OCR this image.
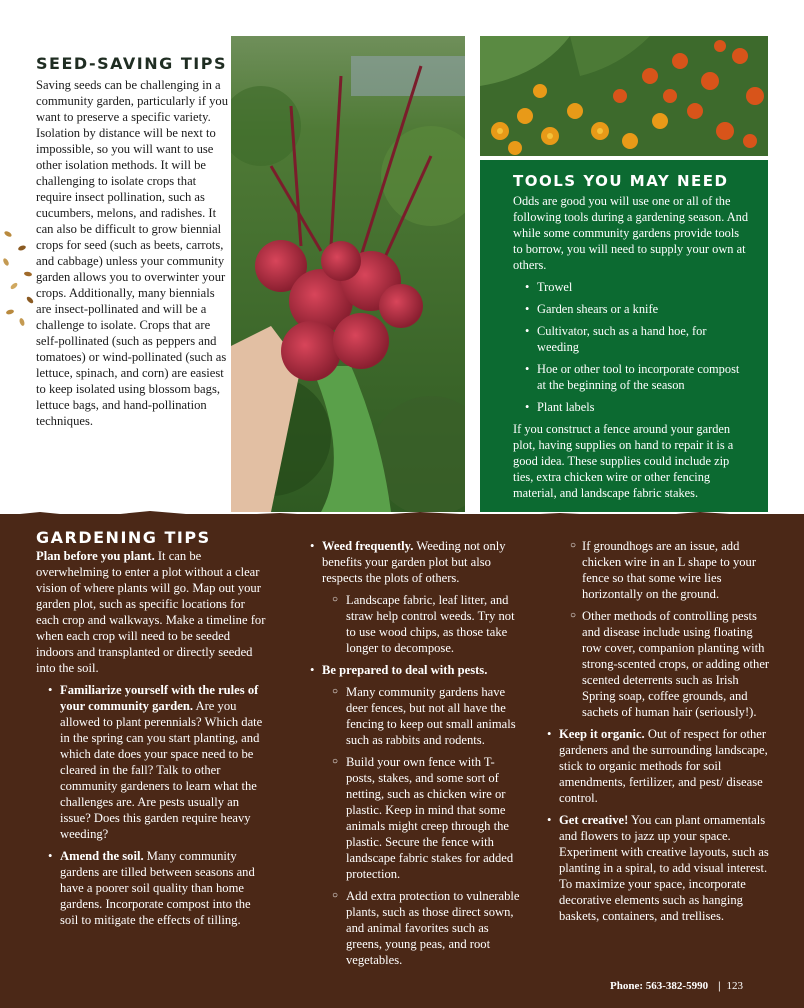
SEED-SAVING TIPS

Saving seeds can be challenging in a community garden, particularly if you want to preserve a specific variety. Isolation by distance will be next to impossible, so you will want to use other isolation methods. It will be challenging to isolate crops that require insect pollination, such as cucumbers, melons, and radishes. It can also be difficult to grow biennial crops for seed (such as beets, carrots, and cabbage) unless your community garden allows you to overwinter your crops. Additionally, many biennials are insect-pollinated and will be a challenge to isolate. Crops that are self-pollinated (such as peppers and tomatoes) or wind-pollinated (such as lettuce, spinach, and corn) are easiest to keep isolated using blossom bags, lettuce bags, and hand-pollination techniques.

TOOLS YOU MAY NEED

Odds are good you will use one or all of the following tools during a gardening season. And while some community gardens provide tools to borrow, you will need to supply your own at others.

• Trowel
• Garden shears or a knife
• Cultivator, such as a hand hoe, for weeding
• Hoe or other tool to incorporate compost at the beginning of the season
• Plant labels

If you construct a fence around your garden plot, having supplies on hand to repair it is a good idea. These supplies could include zip ties, extra chicken wire or other fencing material, and landscape fabric stakes.

GARDENING TIPS

Plan before you plant. It can be overwhelming to enter a plot without a clear vision of where plants will go. Map out your garden plot, such as specific locations for each crop and walkways. Make a timeline for when each crop will need to be seeded indoors and transplanted or directly seeded into the soil.

• Familiarize yourself with the rules of your community garden. Are you allowed to plant perennials? Which date in the spring can you start planting, and which date does your space need to be cleared in the fall? Talk to other community gardeners to learn what the challenges are. Are pests usually an issue? Does this garden require heavy weeding?
• Amend the soil. Many community gardens are tilled between seasons and have a poorer soil quality than home gardens. Incorporate compost into the soil to mitigate the effects of tilling.
• Weed frequently. Weeding not only benefits your garden plot but also respects the plots of others.
○ Landscape fabric, leaf litter, and straw help control weeds. Try not to use wood chips, as those take longer to decompose.
• Be prepared to deal with pests.
○ Many community gardens have deer fences, but not all have the fencing to keep out small animals such as rabbits and rodents.
○ Build your own fence with T-posts, stakes, and some sort of netting, such as chicken wire or plastic. Keep in mind that some animals might creep through the plastic. Secure the fence with landscape fabric stakes for added protection.
○ Add extra protection to vulnerable plants, such as those direct sown, and animal favorites such as greens, young peas, and root vegetables.
○ If groundhogs are an issue, add chicken wire in an L shape to your fence so that some wire lies horizontally on the ground.
○ Other methods of controlling pests and disease include using floating row cover, companion planting with strong-scented crops, or adding other scented deterrents such as Irish Spring soap, coffee grounds, and sachets of human hair (seriously!).
• Keep it organic. Out of respect for other gardeners and the surrounding landscape, stick to organic methods for soil amendments, fertilizer, and pest/ disease control.
• Get creative! You can plant ornamentals and flowers to jazz up your space. Experiment with creative layouts, such as planting in a spiral, to add visual interest. To maximize your space, incorporate decorative elements such as hanging baskets, containers, and trellises.
Phone: 563-382-5990 | 123
